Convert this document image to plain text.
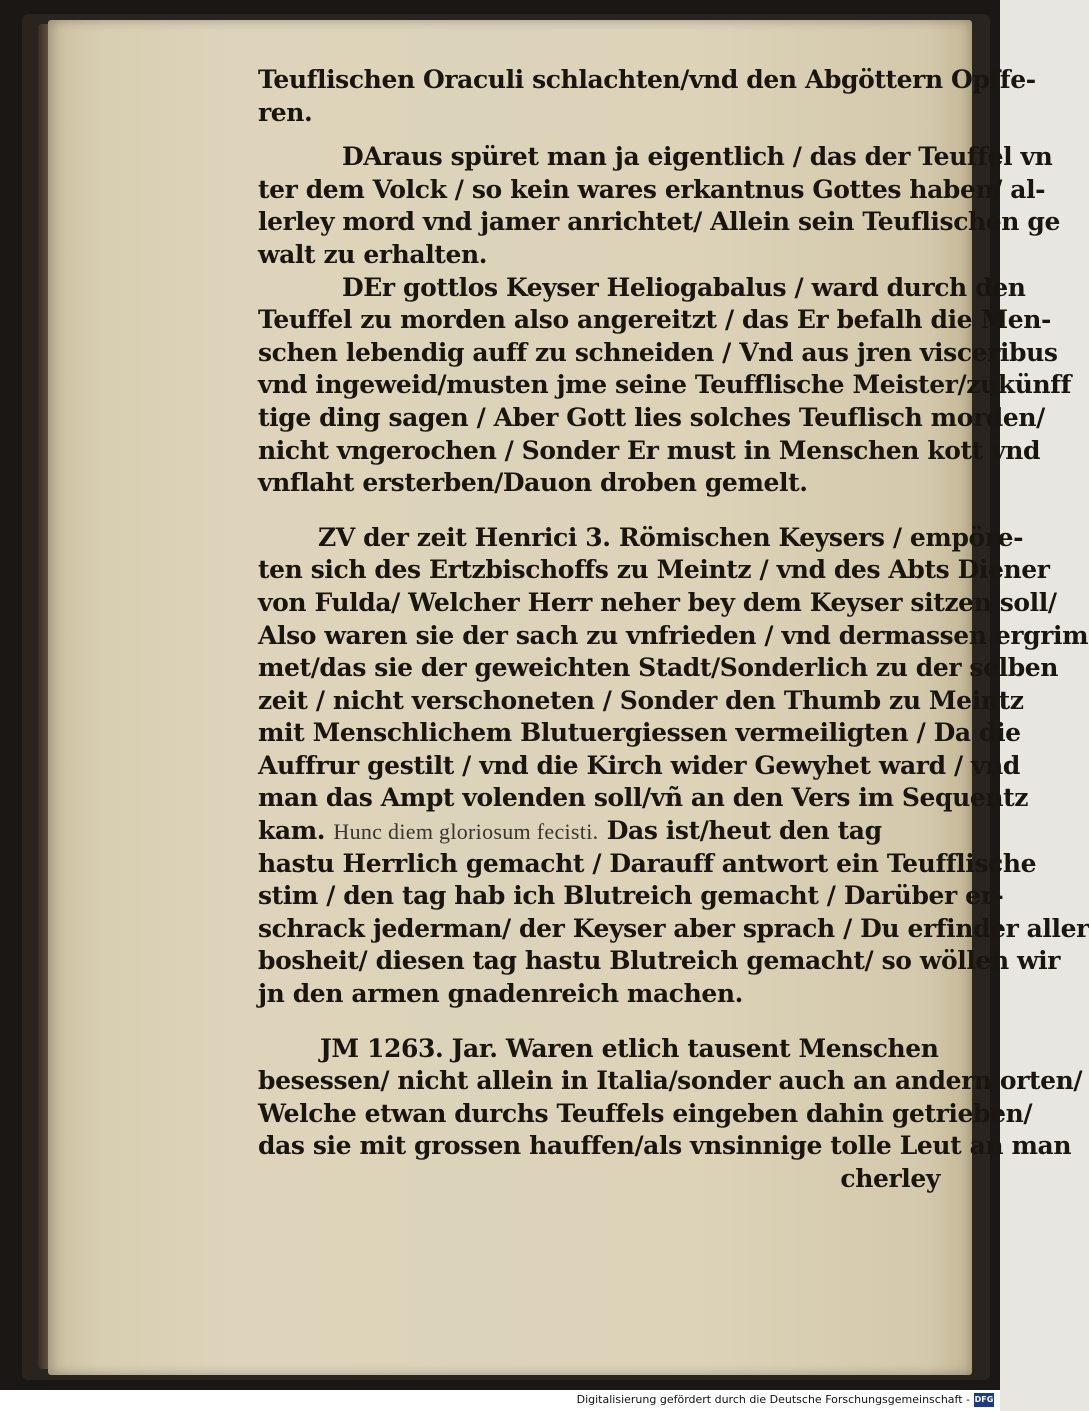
Teuflischen Oraculi schlachten/vnd den Abgöttern Opffe-
ren.
DAraus spüret man ja eigentlich / das der Teuffel vn
ter dem Volck / so kein wares erkantnus Gottes haben/ al-
lerley mord vnd jamer anrichtet/ Allein sein Teuflischen ge
walt zu erhalten.
DEr gottlos Keyser Heliogabalus / ward durch den
Teuffel zu morden also angereitzt / das Er befalh die Men-
schen lebendig auff zu schneiden / Vnd aus jren visceribus
vnd ingeweid/musten jme seine Teufflische Meister/zukünff
tige ding sagen / Aber Gott lies solches Teuflisch morden/
nicht vngerochen / Sonder Er must in Menschen kott vnd
vnflaht ersterben/Dauon droben gemelt.
ZV der zeit Henrici 3. Römischen Keysers / empöre-
ten sich des Ertzbischoffs zu Meintz / vnd des Abts Diener
von Fulda/ Welcher Herr neher bey dem Keyser sitzen soll/
Also waren sie der sach zu vnfrieden / vnd dermassen ergrim
met/das sie der geweichten Stadt/Sonderlich zu der selben
zeit / nicht verschoneten / Sonder den Thumb zu Meintz
mit Menschlichem Blutuergiessen vermeiligten / Da die
Auffrur gestilt / vnd die Kirch wider Gewyhet ward / vnd
man das Ampt volenden soll/vñ an den Vers im Sequentz
kam. Hunc diem gloriosum fecisti. Das ist/heut den tag
hastu Herrlich gemacht / Darauff antwort ein Teufflische
stim / den tag hab ich Blutreich gemacht / Darüber er-
schrack jederman/ der Keyser aber sprach / Du erfinder aller
bosheit/ diesen tag hastu Blutreich gemacht/ so wöllen wir
jn den armen gnadenreich machen.
JM 1263. Jar. Waren etlich tausent Menschen
besessen/ nicht allein in Italia/sonder auch an andern orten/
Welche etwan durchs Teuffels eingeben dahin getrieben/
das sie mit grossen hauffen/als vnsinnige tolle Leut an man
cherley
Digitalisierung gefördert durch die Deutsche Forschungsgemeinschaft - DFG
